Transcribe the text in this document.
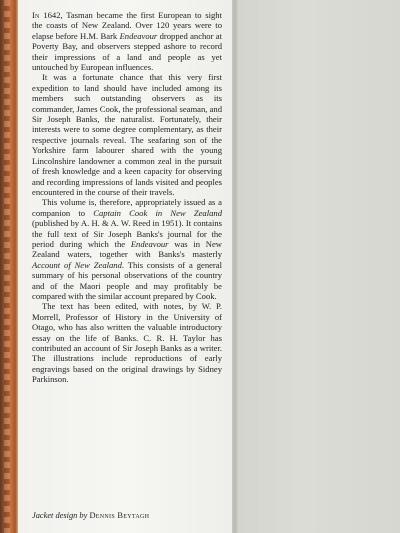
In 1642, Tasman became the first European to sight the coasts of New Zealand. Over 120 years were to elapse before H.M. Bark Endeavour dropped anchor at Poverty Bay, and observers stepped ashore to record their impressions of a land and people as yet untouched by European influences.

It was a fortunate chance that this very first expedition to land should have included among its members such outstanding observers as its commander, James Cook, the professional seaman, and Sir Joseph Banks, the naturalist. Fortunately, their interests were to some degree complementary, as their respective journals reveal. The seafaring son of the Yorkshire farm labourer shared with the young Lincolnshire landowner a common zeal in the pursuit of fresh knowledge and a keen capacity for observing and recording impressions of lands visited and peoples encountered in the course of their travels.

This volume is, therefore, appropriately issued as a companion to Captain Cook in New Zealand (published by A. H. & A. W. Reed in 1951). It contains the full text of Sir Joseph Banks's journal for the period during which the Endeavour was in New Zealand waters, together with Banks's masterly Account of New Zealand. This consists of a general summary of his personal observations of the country and of the Maori people and may profitably be compared with the similar account prepared by Cook.

The text has been edited, with notes, by W. P. Morrell, Professor of History in the University of Otago, who has also written the valuable introductory essay on the life of Banks. C. R. H. Taylor has contributed an account of Sir Joseph Banks as a writer. The illustrations include reproductions of early engravings based on the original drawings by Sidney Parkinson.

Jacket design by Dennis Beytagh
